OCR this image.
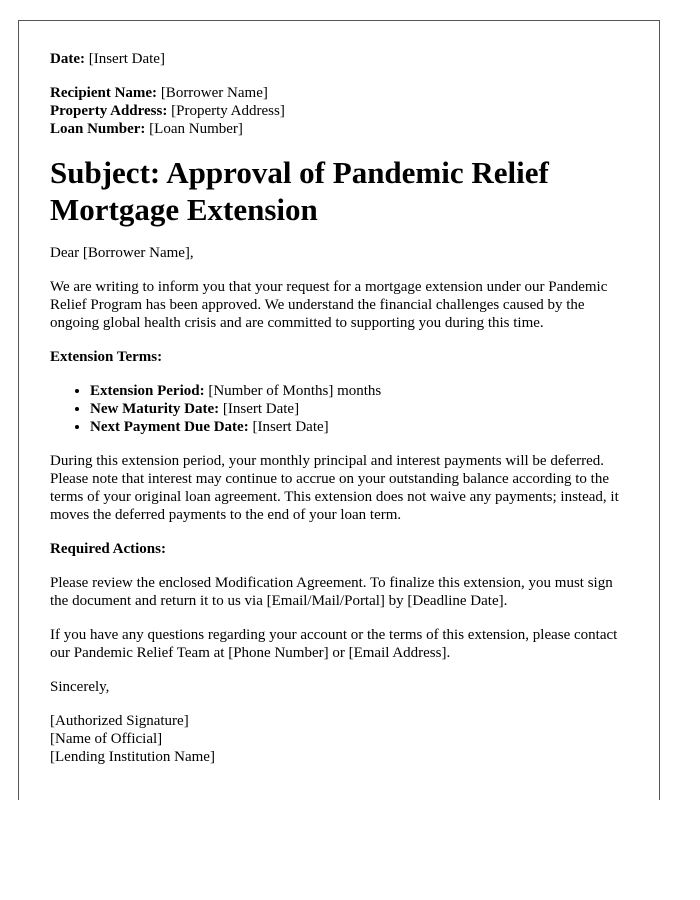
Date: [Insert Date]
Recipient Name: [Borrower Name]
Property Address: [Property Address]
Loan Number: [Loan Number]
Subject: Approval of Pandemic Relief Mortgage Extension

Dear [Borrower Name],

We are writing to inform you that your request for a mortgage extension under our Pandemic Relief Program has been approved. We understand the financial challenges caused by the ongoing global health crisis and are committed to supporting you during this time.

Extension Terms:

• Extension Period: [Number of Months] months
• New Maturity Date: [Insert Date]
• Next Payment Due Date: [Insert Date]

During this extension period, your monthly principal and interest payments will be deferred. Please note that interest may continue to accrue on your outstanding balance according to the terms of your original loan agreement. This extension does not waive any payments; instead, it moves the deferred payments to the end of your loan term.

Required Actions:

Please review the enclosed Modification Agreement. To finalize this extension, you must sign the document and return it to us via [Email/Mail/Portal] by [Deadline Date].

If you have any questions regarding your account or the terms of this extension, please contact our Pandemic Relief Team at [Phone Number] or [Email Address].

Sincerely,

[Authorized Signature]
[Name of Official]
[Lending Institution Name]
